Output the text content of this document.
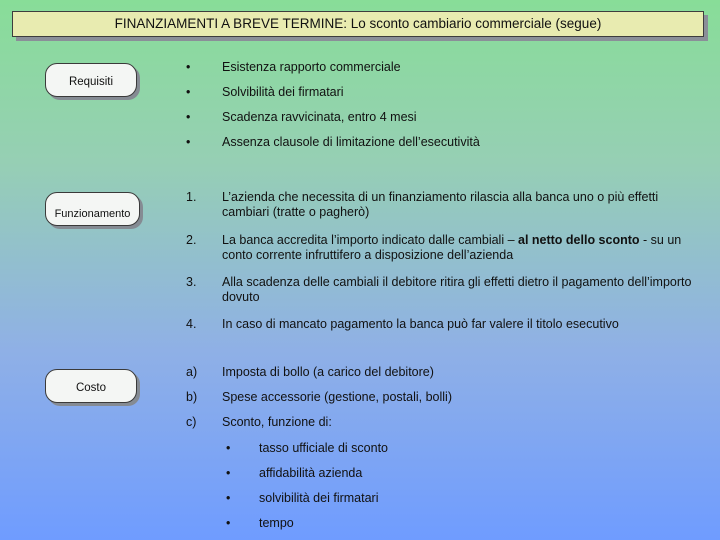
FINANZIAMENTI A BREVE TERMINE: Lo sconto cambiario commerciale (segue)
Requisiti
Funzionamento
Costo
•	Esistenza rapporto commerciale
•	Solvibilità dei firmatari
•	Scadenza ravvicinata, entro 4 mesi
•	Assenza clausole di limitazione dell’esecutività
1. L’azienda che necessita di un finanziamento rilascia alla banca uno o più effetti cambiari (tratte o pagherò)
2. La banca accredita l’importo indicato dalle cambiali – al netto dello sconto - su un conto corrente infruttifero a disposizione dell’azienda
3. Alla scadenza delle cambiali il debitore ritira gli effetti dietro il pagamento dell’importo dovuto
4. In caso di mancato pagamento la banca può far valere il titolo esecutivo
a) Imposta di bollo (a carico del debitore)
b) Spese accessorie (gestione, postali, bolli)
c) Sconto, funzione di:
• tasso ufficiale di sconto
• affidabilità azienda
• solvibilità dei firmatari
• tempo
